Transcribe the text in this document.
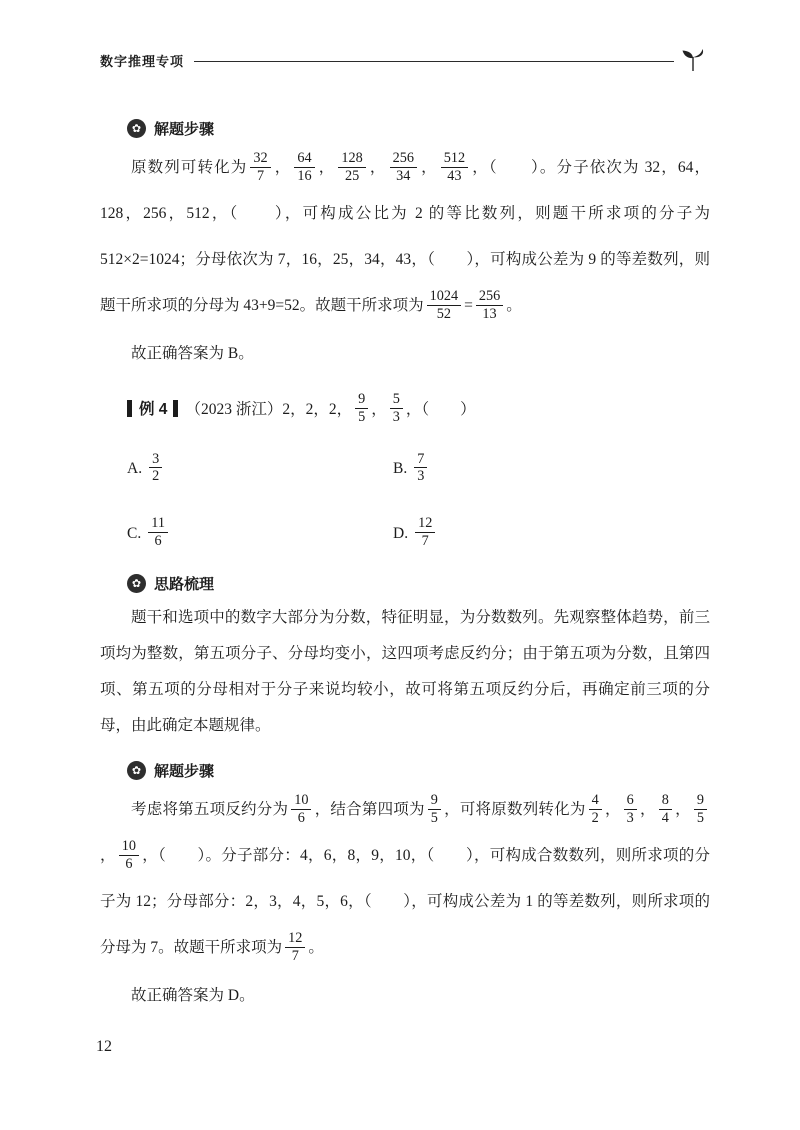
数字推理专项
✿ 解题步骤

原数列可转化为 $\frac{32}{7}$ ， $\frac{64}{16}$ ， $\frac{128}{25}$ ， $\frac{256}{34}$ ， $\frac{512}{43}$ ，（　　）。分子依次为 32，64，128，256，512，（　　），可构成公比为 2 的等比数列，则题干所求项的分子为 512×2=1024；分母依次为 7，16，25，34，43，（　　），可构成公差为 9 的等差数列，则题干所求项的分母为 43+9=52。故题干所求项为 $\frac{1024}{52} = \frac{256}{13}$ 。

故正确答案为 B。

例 4 （2023 浙江）2，2，2， $\frac{9}{5}$ ， $\frac{5}{3}$ ，（　　）
A. $\frac{3}{2}$	B. $\frac{7}{3}$
C. $\frac{11}{6}$	D. $\frac{12}{7}$
✿ 思路梳理

题干和选项中的数字大部分为分数，特征明显，为分数数列。先观察整体趋势，前三项均为整数，第五项分子、分母均变小，这四项考虑反约分；由于第五项为分数，且第四项、第五项的分母相对于分子来说均较小，故可将第五项反约分后，再确定前三项的分母，由此确定本题规律。

✿ 解题步骤

考虑将第五项反约分为 $\frac{10}{6}$ ，结合第四项为 $\frac{9}{5}$ ，可将原数列转化为 $\frac{4}{2}$ ， $\frac{6}{3}$ ， $\frac{8}{4}$ ， $\frac{9}{5}$
， $\frac{10}{6}$ ，（　　）。分子部分：4，6，8，9，10，（　　），可构成合数数列，则所求项的分子为 12；分母部分：2，3，4，5，6，（　　），可构成公差为 1 的等差数列，则所求项的分母为 7。故题干所求项为 $\frac{12}{7}$ 。

故正确答案为 D。

12
